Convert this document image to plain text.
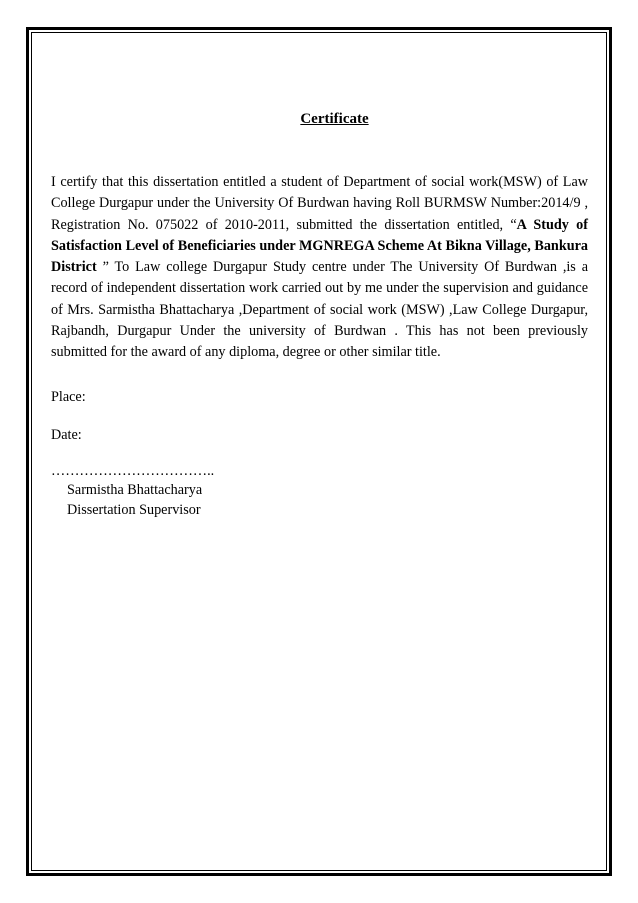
Certificate

I certify that this dissertation entitled a student of Department of social work(MSW) of Law College Durgapur under the University Of Burdwan having Roll BURMSW Number:2014/9 , Registration No. 075022 of 2010-2011, submitted the dissertation entitled, “A Study of Satisfaction Level of Beneficiaries under MGNREGA Scheme At Bikna Village, Bankura District ” To Law college Durgapur Study centre under The University Of Burdwan ,is a record of independent dissertation work carried out by me under the supervision and guidance of Mrs. Sarmistha Bhattacharya ,Department of social work (MSW) ,Law College Durgapur, Rajbandh, Durgapur Under the university of Burdwan . This has not been previously submitted for the award of any diploma, degree or other similar title.

Place:

Date:

……………………………..

Sarmistha Bhattacharya

Dissertation Supervisor
